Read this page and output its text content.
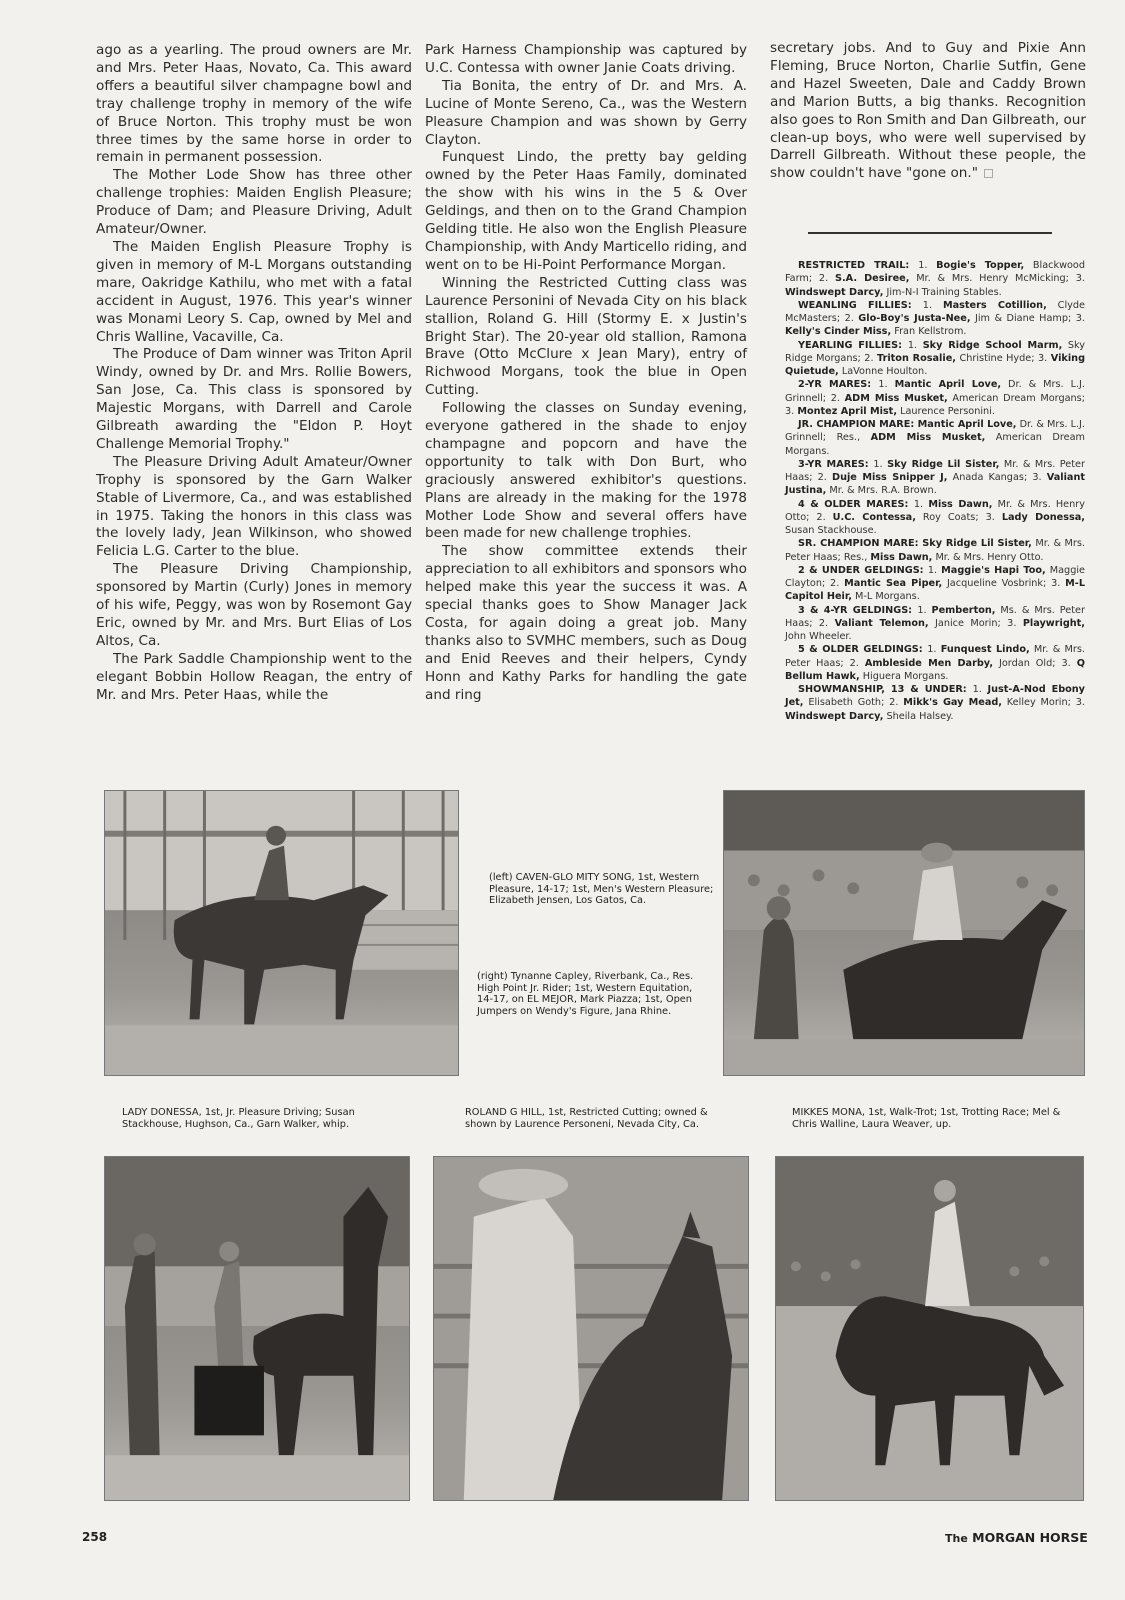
ago as a yearling. The proud owners are Mr. and Mrs. Peter Haas, Novato, Ca. This award offers a beautiful silver champagne bowl and tray challenge trophy in memory of the wife of Bruce Norton. This trophy must be won three times by the same horse in order to remain in permanent possession.

The Mother Lode Show has three other challenge trophies: Maiden English Pleasure; Produce of Dam; and Pleasure Driving, Adult Amateur/Owner.

The Maiden English Pleasure Trophy is given in memory of M-L Morgans outstanding mare, Oakridge Kathilu, who met with a fatal accident in August, 1976. This year's winner was Monami Leory S. Cap, owned by Mel and Chris Walline, Vacaville, Ca.

The Produce of Dam winner was Triton April Windy, owned by Dr. and Mrs. Rollie Bowers, San Jose, Ca. This class is sponsored by Majestic Morgans, with Darrell and Carole Gilbreath awarding the "Eldon P. Hoyt Challenge Memorial Trophy."

The Pleasure Driving Adult Amateur/Owner Trophy is sponsored by the Garn Walker Stable of Livermore, Ca., and was established in 1975. Taking the honors in this class was the lovely lady, Jean Wilkinson, who showed Felicia L.G. Carter to the blue.

The Pleasure Driving Championship, sponsored by Martin (Curly) Jones in memory of his wife, Peggy, was won by Rosemont Gay Eric, owned by Mr. and Mrs. Burt Elias of Los Altos, Ca.

The Park Saddle Championship went to the elegant Bobbin Hollow Reagan, the entry of Mr. and Mrs. Peter Haas, while the

Park Harness Championship was captured by U.C. Contessa with owner Janie Coats driving.

Tia Bonita, the entry of Dr. and Mrs. A. Lucine of Monte Sereno, Ca., was the Western Pleasure Champion and was shown by Gerry Clayton.

Funquest Lindo, the pretty bay gelding owned by the Peter Haas Family, dominated the show with his wins in the 5 & Over Geldings, and then on to the Grand Champion Gelding title. He also won the English Pleasure Championship, with Andy Marticello riding, and went on to be Hi-Point Performance Morgan.

Winning the Restricted Cutting class was Laurence Personini of Nevada City on his black stallion, Roland G. Hill (Stormy E. x Justin's Bright Star). The 20-year old stallion, Ramona Brave (Otto McClure x Jean Mary), entry of Richwood Morgans, took the blue in Open Cutting.

Following the classes on Sunday evening, everyone gathered in the shade to enjoy champagne and popcorn and have the opportunity to talk with Don Burt, who graciously answered exhibitor's questions. Plans are already in the making for the 1978 Mother Lode Show and several offers have been made for new challenge trophies.

The show committee extends their appreciation to all exhibitors and sponsors who helped make this year the success it was. A special thanks goes to Show Manager Jack Costa, for again doing a great job. Many thanks also to SVMHC members, such as Doug and Enid Reeves and their helpers, Cyndy Honn and Kathy Parks for handling the gate and ring

secretary jobs. And to Guy and Pixie Ann Fleming, Bruce Norton, Charlie Sutfin, Gene and Hazel Sweeten, Dale and Caddy Brown and Marion Butts, a big thanks. Recognition also goes to Ron Smith and Dan Gilbreath, our clean-up boys, who were well supervised by Darrell Gilbreath. Without these people, the show couldn't have "gone on."

RESTRICTED TRAIL: 1. Bogie's Topper, Blackwood Farm; 2. S.A. Desiree, Mr. & Mrs. Henry McMicking; 3. Windswept Darcy, Jim-N-I Training Stables.

WEANLING FILLIES: 1. Masters Cotillion, Clyde McMasters; 2. Glo-Boy's Justa-Nee, Jim & Diane Hamp; 3. Kelly's Cinder Miss, Fran Kellstrom.

YEARLING FILLIES: 1. Sky Ridge School Marm, Sky Ridge Morgans; 2. Triton Rosalie, Christine Hyde; 3. Viking Quietude, LaVonne Houlton.

2-YR MARES: 1. Mantic April Love, Dr. & Mrs. L.J. Grinnell; 2. ADM Miss Musket, American Dream Morgans; 3. Montez April Mist, Laurence Personini.

JR. CHAMPION MARE: Mantic April Love, Dr. & Mrs. L.J. Grinnell; Res., ADM Miss Musket, American Dream Morgans.

3-YR MARES: 1. Sky Ridge Lil Sister, Mr. & Mrs. Peter Haas; 2. Duje Miss Snipper J, Anada Kangas; 3. Valiant Justina, Mr. & Mrs. R.A. Brown.

4 & OLDER MARES: 1. Miss Dawn, Mr. & Mrs. Henry Otto; 2. U.C. Contessa, Roy Coats; 3. Lady Donessa, Susan Stackhouse.

SR. CHAMPION MARE: Sky Ridge Lil Sister, Mr. & Mrs. Peter Haas; Res., Miss Dawn, Mr. & Mrs. Henry Otto.

2 & UNDER GELDINGS: 1. Maggie's Hapi Too, Maggie Clayton; 2. Mantic Sea Piper, Jacqueline Vosbrink; 3. M-L Capitol Heir, M-L Morgans.

3 & 4-YR GELDINGS: 1. Pemberton, Ms. & Mrs. Peter Haas; 2. Valiant Telemon, Janice Morin; 3. Playwright, John Wheeler.

5 & OLDER GELDINGS: 1. Funquest Lindo, Mr. & Mrs. Peter Haas; 2. Ambleside Men Darby, Jordan Old; 3. Q Bellum Hawk, Higuera Morgans.

SHOWMANSHIP, 13 & UNDER: 1. Just-A-Nod Ebony Jet, Elisabeth Goth; 2. Mikk's Gay Mead, Kelley Morin; 3. Windswept Darcy, Sheila Halsey.

(left) CAVEN-GLO MITY SONG, 1st, Western Pleasure, 14-17; 1st, Men's Western Pleasure; Elizabeth Jensen, Los Gatos, Ca.
(right) Tynanne Capley, Riverbank, Ca., Res. High Point Jr. Rider; 1st, Western Equitation, 14-17, on EL MEJOR, Mark Piazza; 1st, Open Jumpers on Wendy's Figure, Jana Rhine.
LADY DONESSA, 1st, Jr. Pleasure Driving; Susan Stackhouse, Hughson, Ca., Garn Walker, whip.
ROLAND G HILL, 1st, Restricted Cutting; owned & shown by Laurence Personeni, Nevada City, Ca.
MIKKES MONA, 1st, Walk-Trot; 1st, Trotting Race; Mel & Chris Walline, Laura Weaver, up.
258	The MORGAN HORSE
